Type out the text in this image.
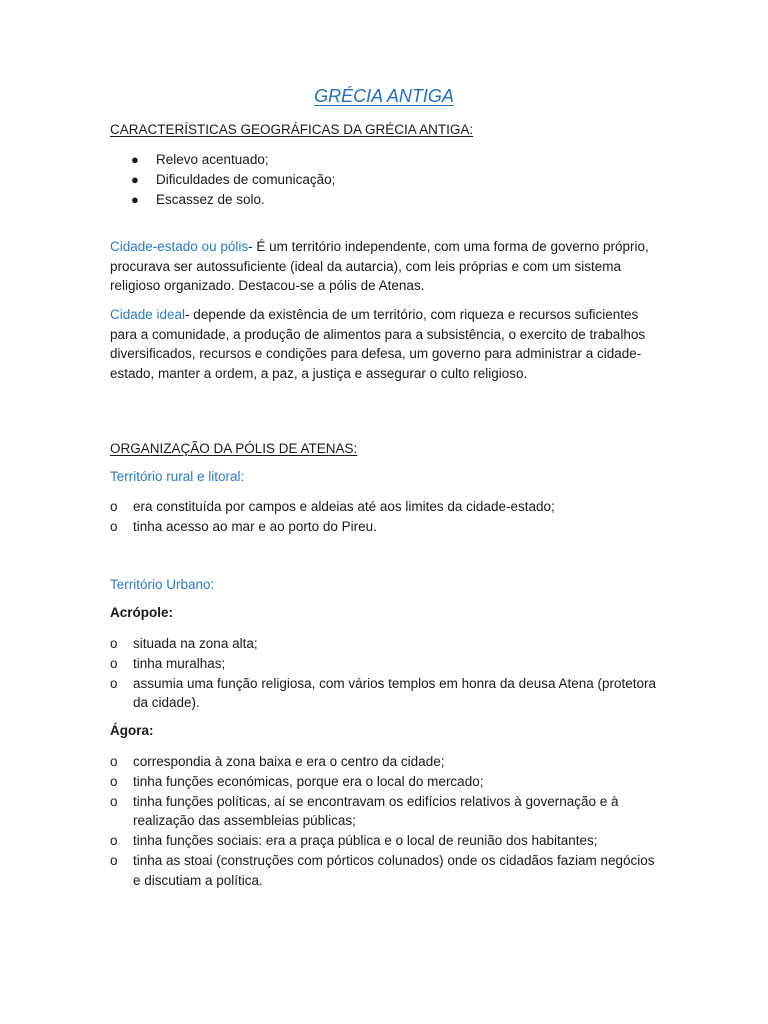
GRÉCIA ANTIGA
CARACTERÍSTICAS GEOGRÁFICAS DA GRÉCIA ANTIGA:
● Relevo acentuado;
● Dificuldades de comunicação;
● Escassez de solo.

Cidade-estado ou pólis- É um território independente, com uma forma de governo próprio, procurava ser autossuficiente (ideal da autarcia), com leis próprias e com um sistema religioso organizado. Destacou-se a pólis de Atenas.

Cidade ideal- depende da existência de um território, com riqueza e recursos suficientes para a comunidade, a produção de alimentos para a subsistência, o exercito de trabalhos diversificados, recursos e condições para defesa, um governo para administrar a cidade-estado, manter a ordem, a paz, a justiça e assegurar o culto religioso.

ORGANIZAÇÃO DA PÓLIS DE ATENAS:
Território rural e litoral:
o era constituída por campos e aldeias até aos limites da cidade-estado;
o tinha acesso ao mar e ao porto do Pireu.
Território Urbano:
Acrópole:
o situada na zona alta;
o tinha muralhas;
o assumia uma função religiosa, com vários templos em honra da deusa Atena (protetora da cidade).
Ágora:
o correspondia à zona baixa e era o centro da cidade;
o tinha funções económicas, porque era o local do mercado;
o tinha funções políticas, aí se encontravam os edifícios relativos à governação e à realização das assembleias públicas;
o tinha funções sociais: era a praça pública e o local de reunião dos habitantes;
o tinha as stoai (construções com pórticos colunados) onde os cidadãos faziam negócios e discutiam a política.
